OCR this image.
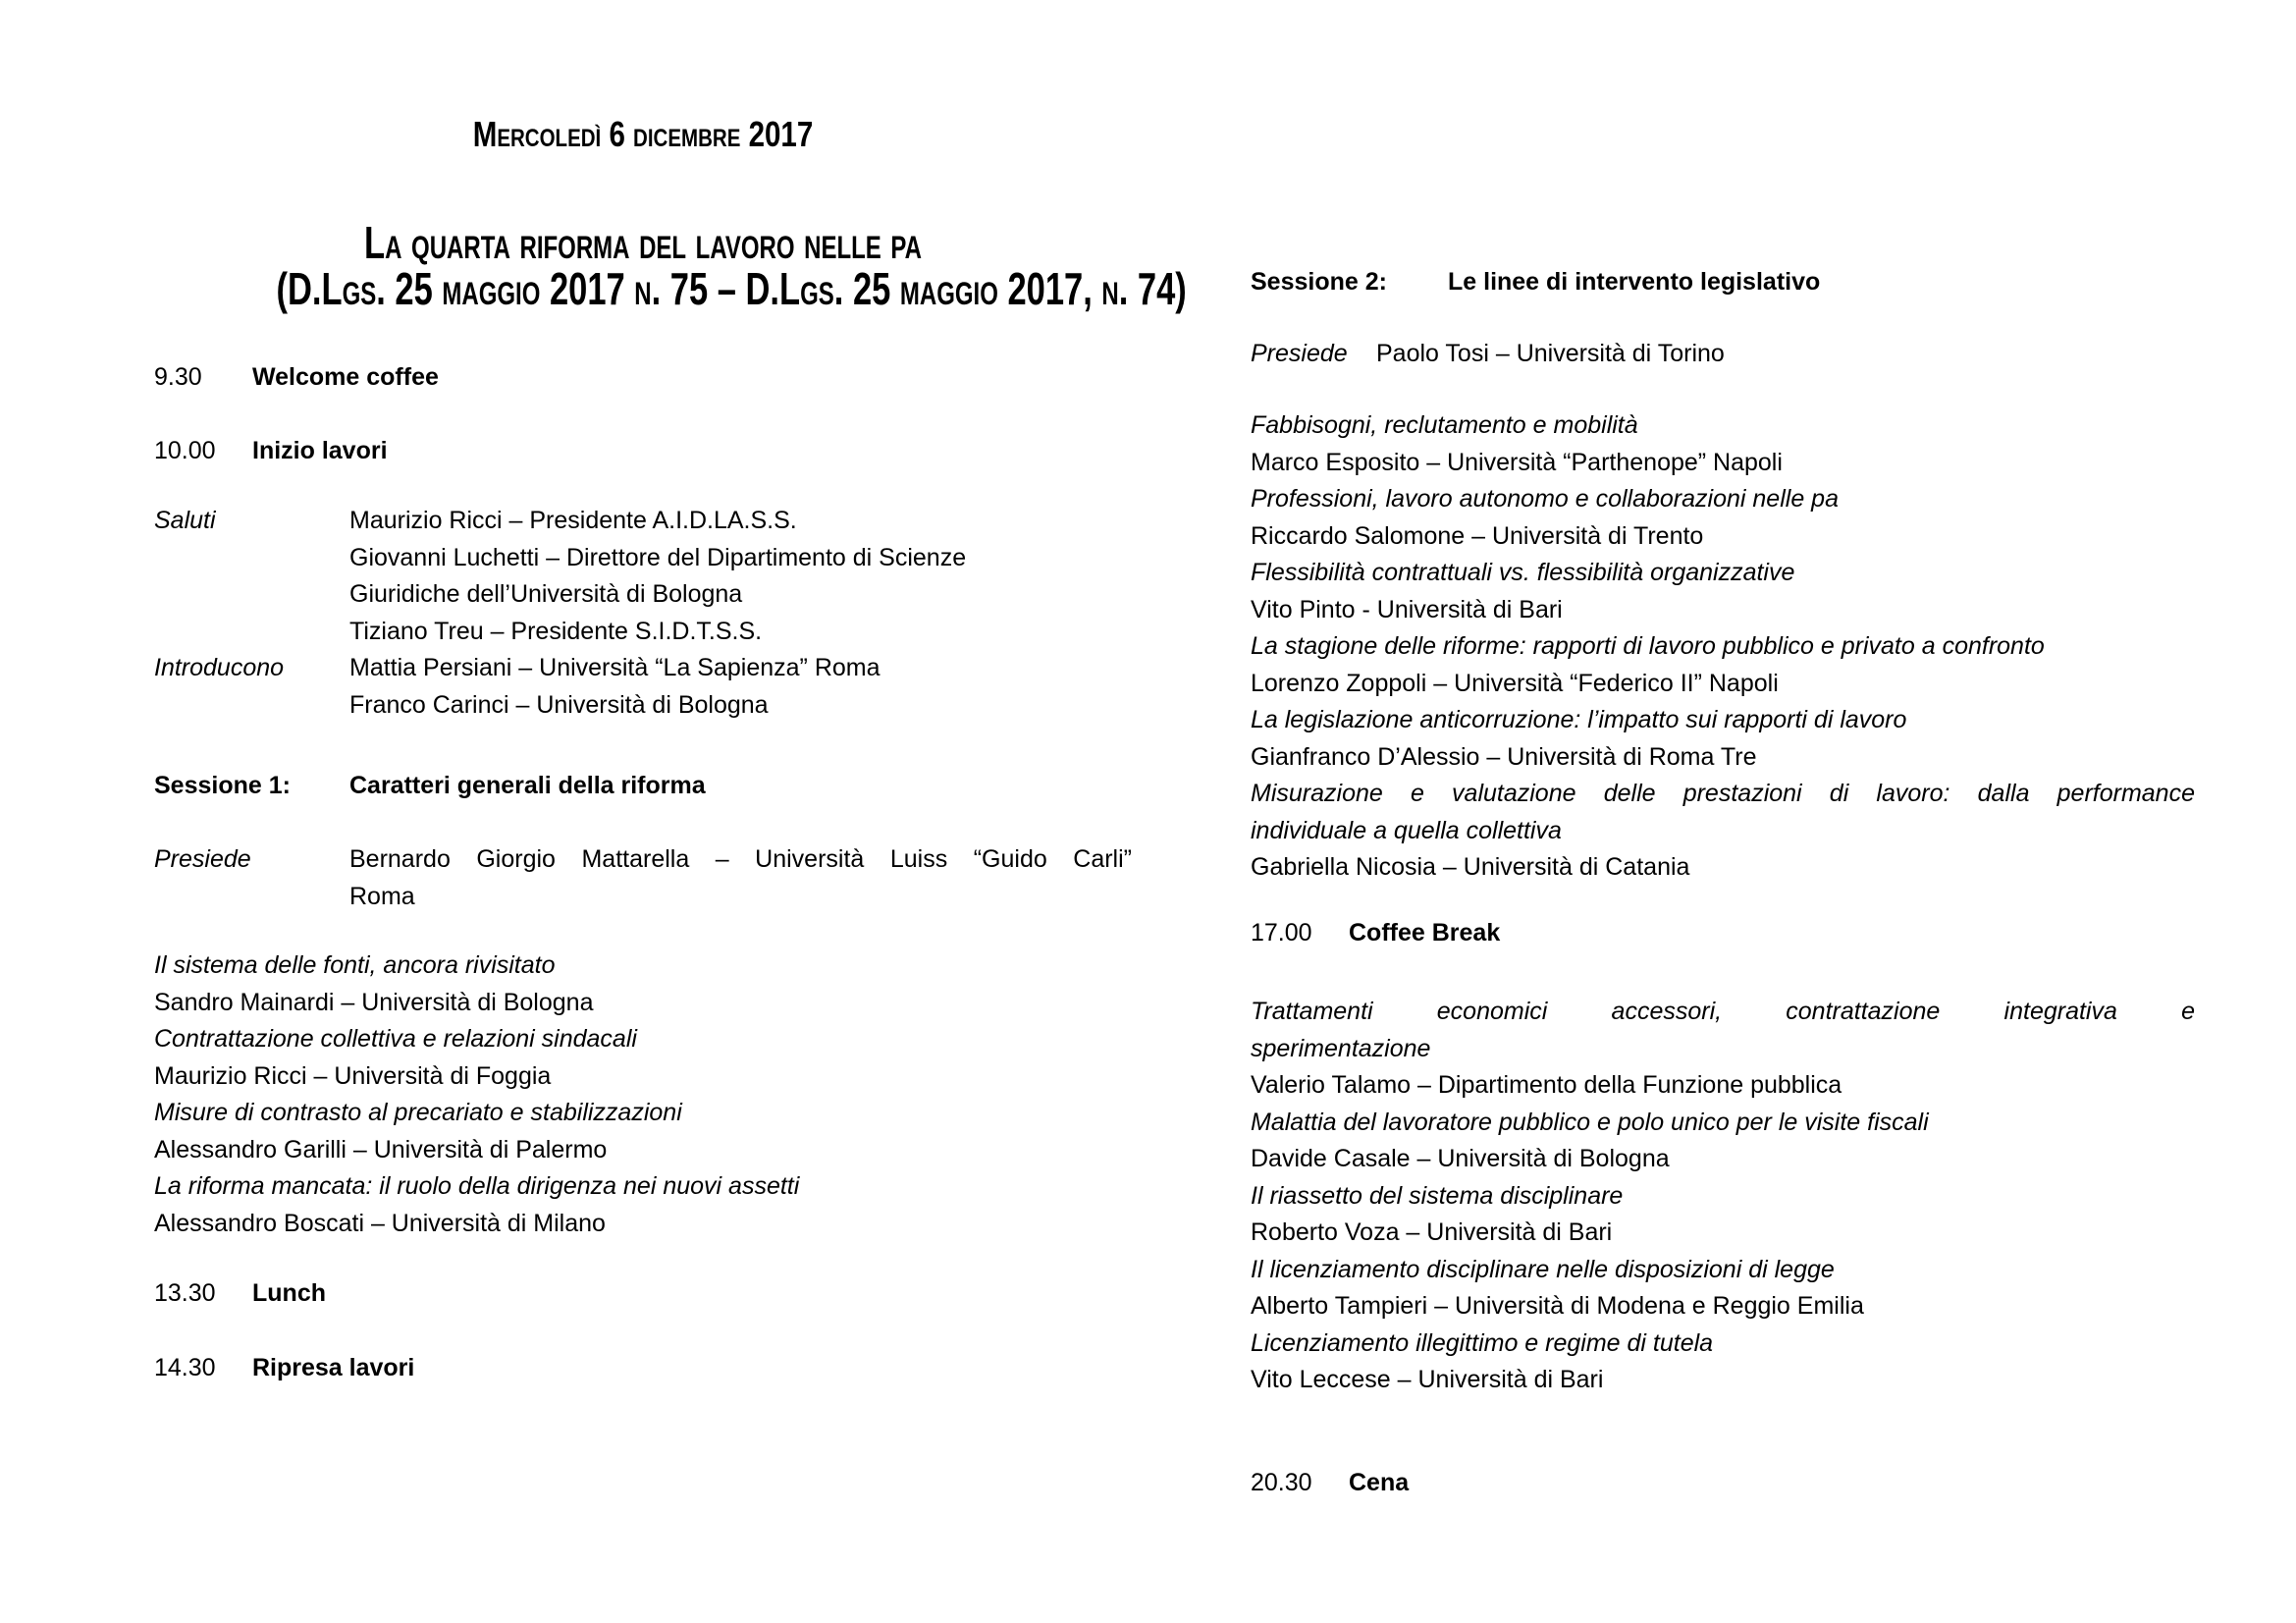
Mercoledì 6 dicembre 2017
La quarta riforma del lavoro nelle pa
(D.Lgs. 25 maggio 2017 n. 75 – D.Lgs. 25 maggio 2017, n. 74)
9.30	Welcome coffee
10.00	Inizio lavori
Saluti	Maurizio Ricci – Presidente A.I.D.LA.S.S.
Giovanni Luchetti – Direttore del Dipartimento di Scienze
Giuridiche dell’Università di Bologna
Tiziano Treu – Presidente S.I.D.T.S.S.
Introducono	Mattia Persiani – Università “La Sapienza” Roma
Franco Carinci – Università di Bologna
Sessione 1:	Caratteri generali della riforma
Presiede	Bernardo Giorgio Mattarella – Università Luiss “Guido Carli”
Roma
Il sistema delle fonti, ancora rivisitato
Sandro Mainardi – Università di Bologna
Contrattazione collettiva e relazioni sindacali
Maurizio Ricci – Università di Foggia
Misure di contrasto al precariato e stabilizzazioni
Alessandro Garilli – Università di Palermo
La riforma mancata: il ruolo della dirigenza nei nuovi assetti
Alessandro Boscati – Università di Milano
13.30	Lunch
14.30	Ripresa lavori
Sessione 2:	Le linee di intervento legislativo
Presiede	Paolo Tosi – Università di Torino
Fabbisogni, reclutamento e mobilità
Marco Esposito – Università “Parthenope” Napoli
Professioni, lavoro autonomo e collaborazioni nelle pa
Riccardo Salomone – Università di Trento
Flessibilità contrattuali vs. flessibilità organizzative
Vito Pinto - Università di Bari
La stagione delle riforme: rapporti di lavoro pubblico e privato a confronto
Lorenzo Zoppoli – Università “Federico II” Napoli
La legislazione anticorruzione: l’impatto sui rapporti di lavoro
Gianfranco D’Alessio – Università di Roma Tre
Misurazione e valutazione delle prestazioni di lavoro: dalla performance
individuale a quella collettiva
Gabriella Nicosia – Università di Catania
17.00	Coffee Break
Trattamenti economici accessori, contrattazione integrativa e
sperimentazione
Valerio Talamo – Dipartimento della Funzione pubblica
Malattia del lavoratore pubblico e polo unico per le visite fiscali
Davide Casale – Università di Bologna
Il riassetto del sistema disciplinare
Roberto Voza – Università di Bari
Il licenziamento disciplinare nelle disposizioni di legge
Alberto Tampieri – Università di Modena e Reggio Emilia
Licenziamento illegittimo e regime di tutela
Vito Leccese – Università di Bari
20.30	Cena
